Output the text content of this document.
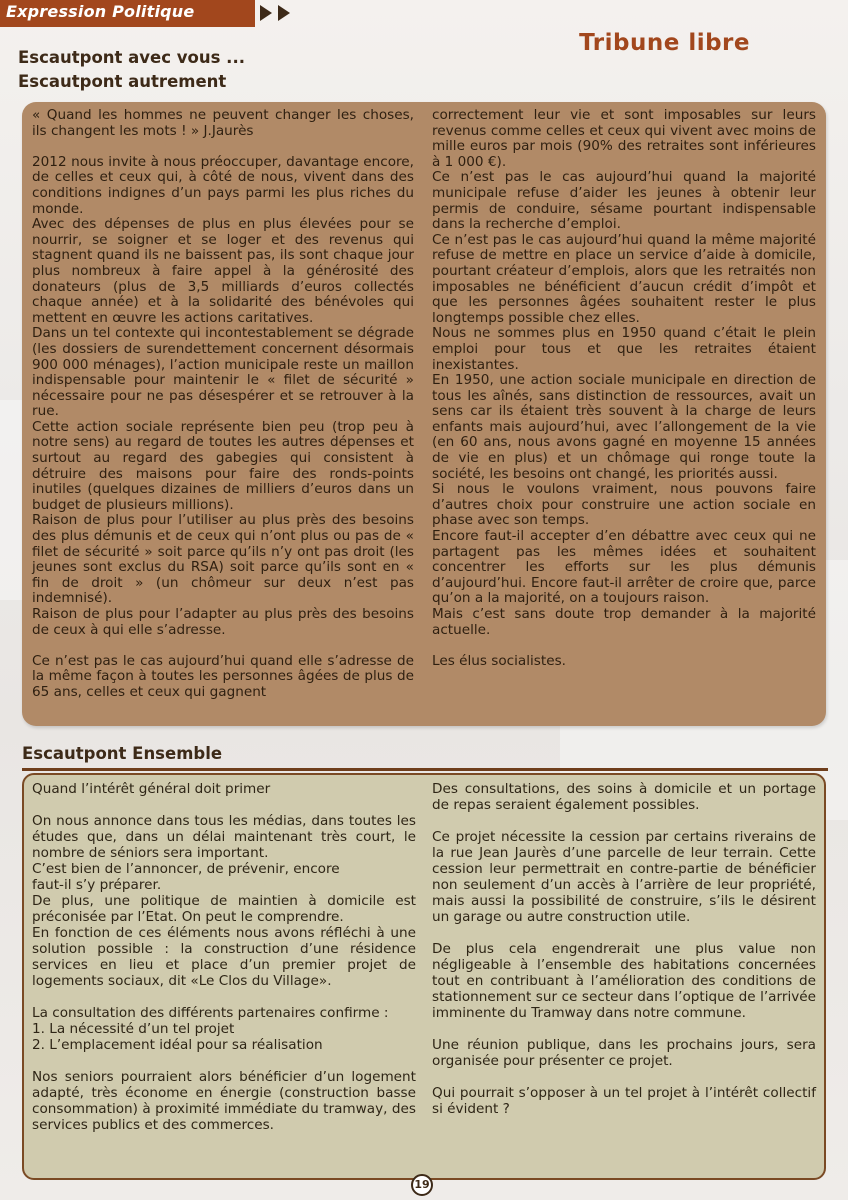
Expression Politique
Tribune libre
Escautpont avec vous ...
Escautpont autrement

« Quand les hommes ne peuvent changer les choses, ils changent les mots ! » J.Jaurès

2012 nous invite à nous préoccuper, davantage encore, de celles et ceux qui, à côté de nous, vivent dans des conditions indignes d’un pays parmi les plus riches du monde.

Avec des dépenses de plus en plus élevées pour se nourrir, se soigner et se loger et des revenus qui stagnent quand ils ne baissent pas, ils sont chaque jour plus nombreux à faire appel à la générosité des donateurs (plus de 3,5 milliards d’euros collectés chaque année) et à la solidarité des bénévoles qui mettent en œuvre les actions caritatives.

Dans un tel contexte qui incontestablement se dégrade (les dossiers de surendettement concernent désormais 900 000 ménages), l’action municipale reste un maillon indispensable pour maintenir le « filet de sécurité » nécessaire pour ne pas désespérer et se retrouver à la rue.

Cette action sociale représente bien peu (trop peu à notre sens) au regard de toutes les autres dépenses et surtout au regard des gabegies qui consistent à détruire des maisons pour faire des ronds-points inutiles (quelques dizaines de milliers d’euros dans un budget de plusieurs millions).

Raison de plus pour l’utiliser au plus près des besoins des plus démunis et de ceux qui n’ont plus ou pas de « filet de sécurité » soit parce qu’ils n’y ont pas droit (les jeunes sont exclus du RSA) soit parce qu’ils sont en « fin de droit » (un chômeur sur deux n’est pas indemnisé).

Raison de plus pour l’adapter au plus près des besoins de ceux à qui elle s’adresse.

Ce n’est pas le cas aujourd’hui quand elle s’adresse de la même façon à toutes les personnes âgées de plus de 65 ans, celles et ceux qui gagnent

correctement leur vie et sont imposables sur leurs revenus comme celles et ceux qui vivent avec moins de mille euros par mois (90% des retraites sont inférieures à 1 000 €).

Ce n’est pas le cas aujourd’hui quand la majorité municipale refuse d’aider les jeunes à obtenir leur permis de conduire, sésame pourtant indispensable dans la recherche d’emploi.

Ce n’est pas le cas aujourd’hui quand la même majorité refuse de mettre en place un service d’aide à domicile, pourtant créateur d’emplois, alors que les retraités non imposables ne bénéficient d’aucun crédit d’impôt et que les personnes âgées souhaitent rester le plus longtemps possible chez elles.

Nous ne sommes plus en 1950 quand c’était le plein emploi pour tous et que les retraites étaient inexistantes.

En 1950, une action sociale municipale en direction de tous les aînés, sans distinction de ressources, avait un sens car ils étaient très souvent à la charge de leurs enfants mais aujourd’hui, avec l’allongement de la vie (en 60 ans, nous avons gagné en moyenne 15 années de vie en plus) et un chômage qui ronge toute la société, les besoins ont changé, les priorités aussi.

Si nous le voulons vraiment, nous pouvons faire d’autres choix pour construire une action sociale en phase avec son temps.

Encore faut-il accepter d’en débattre avec ceux qui ne partagent pas les mêmes idées et souhaitent concentrer les efforts sur les plus démunis d’aujourd’hui. Encore faut-il arrêter de croire que, parce qu’on a la majorité, on a toujours raison.

Mais c’est sans doute trop demander à la majorité actuelle.

Les élus socialistes.

Escautpont Ensemble

Quand l’intérêt général doit primer

On nous annonce dans tous les médias, dans toutes les études que, dans un délai maintenant très court, le nombre de séniors sera important.

C’est bien de l’annoncer, de prévenir, encore
faut-il s’y préparer.

De plus, une politique de maintien à domicile est préconisée par l’Etat. On peut le comprendre.

En fonction de ces éléments nous avons réfléchi à une solution possible : la construction d’une résidence services en lieu et place d’un premier projet de logements sociaux, dit «Le Clos du Village».

La consultation des différents partenaires confirme :
1. La nécessité d’un tel projet
2. L’emplacement idéal pour sa réalisation

Nos seniors pourraient alors bénéficier d’un logement adapté, très économe en énergie (construction basse consommation) à proximité immédiate du tramway, des services publics et des commerces.

Des consultations, des soins à domicile et un portage de repas seraient également possibles.

Ce projet nécessite la cession par certains riverains de la rue Jean Jaurès d’une parcelle de leur terrain. Cette cession leur permettrait en contre-partie de bénéficier non seulement d’un accès à l’arrière de leur propriété, mais aussi la possibilité de construire, s’ils le désirent un garage ou autre construction utile.

De plus cela engendrerait une plus value non négligeable à l’ensemble des habitations concernées tout en contribuant à l’amélioration des conditions de stationnement sur ce secteur dans l’optique de l’arrivée imminente du Tramway dans notre commune.

Une réunion publique, dans les prochains jours, sera organisée pour présenter ce projet.

Qui pourrait s’opposer à un tel projet à l’intérêt collectif si évident ?

19
